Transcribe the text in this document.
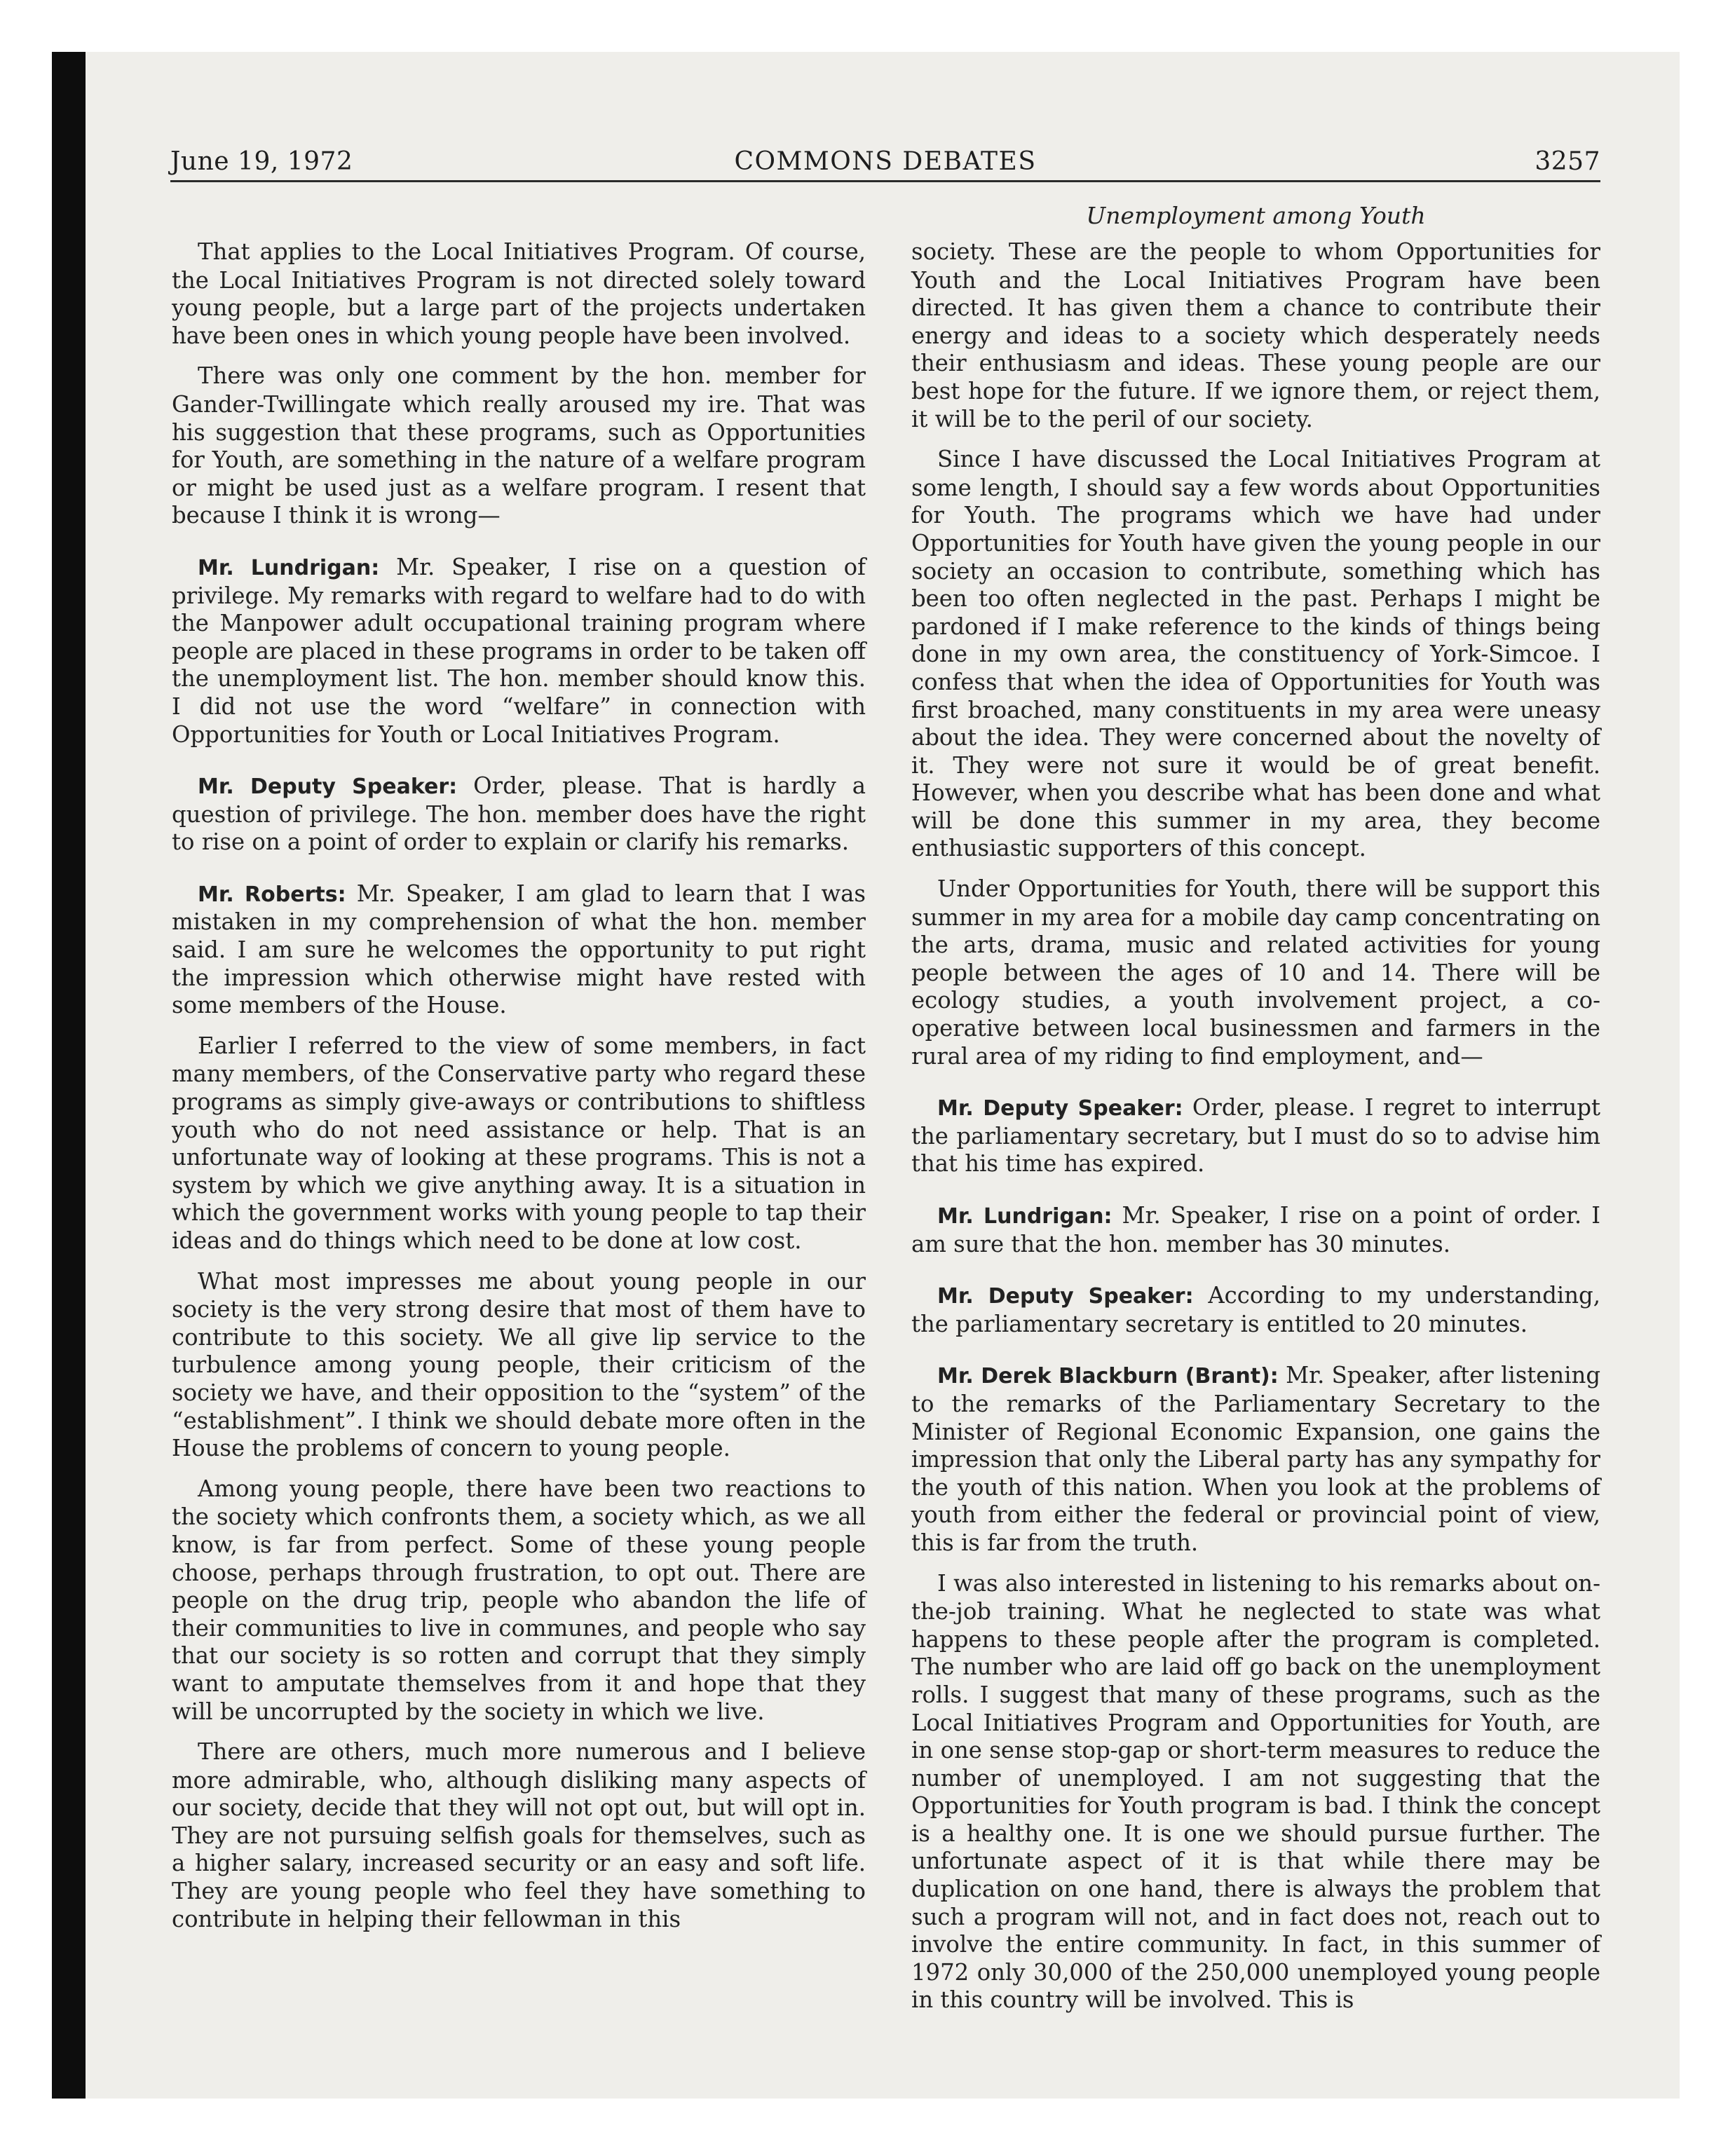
June 19, 1972	COMMONS DEBATES	3257
Unemployment among Youth

That applies to the Local Initiatives Program. Of course, the Local Initiatives Program is not directed solely toward young people, but a large part of the projects undertaken have been ones in which young people have been involved.

There was only one comment by the hon. member for Gander-Twillingate which really aroused my ire. That was his suggestion that these programs, such as Opportunities for Youth, are something in the nature of a welfare program or might be used just as a welfare program. I resent that because I think it is wrong—

Mr. Lundrigan: Mr. Speaker, I rise on a question of privilege. My remarks with regard to welfare had to do with the Manpower adult occupational training program where people are placed in these programs in order to be taken off the unemployment list. The hon. member should know this. I did not use the word “welfare” in connection with Opportunities for Youth or Local Initiatives Program.

Mr. Deputy Speaker: Order, please. That is hardly a question of privilege. The hon. member does have the right to rise on a point of order to explain or clarify his remarks.

Mr. Roberts: Mr. Speaker, I am glad to learn that I was mistaken in my comprehension of what the hon. member said. I am sure he welcomes the opportunity to put right the impression which otherwise might have rested with some members of the House.

Earlier I referred to the view of some members, in fact many members, of the Conservative party who regard these programs as simply give-aways or contributions to shiftless youth who do not need assistance or help. That is an unfortunate way of looking at these programs. This is not a system by which we give anything away. It is a situation in which the government works with young people to tap their ideas and do things which need to be done at low cost.

What most impresses me about young people in our society is the very strong desire that most of them have to contribute to this society. We all give lip service to the turbulence among young people, their criticism of the society we have, and their opposition to the “system” of the “establishment”. I think we should debate more often in the House the problems of concern to young people.

Among young people, there have been two reactions to the society which confronts them, a society which, as we all know, is far from perfect. Some of these young people choose, perhaps through frustration, to opt out. There are people on the drug trip, people who abandon the life of their communities to live in communes, and people who say that our society is so rotten and corrupt that they simply want to amputate themselves from it and hope that they will be uncorrupted by the society in which we live.

There are others, much more numerous and I believe more admirable, who, although disliking many aspects of our society, decide that they will not opt out, but will opt in. They are not pursuing selfish goals for themselves, such as a higher salary, increased security or an easy and soft life. They are young people who feel they have something to contribute in helping their fellowman in this

society. These are the people to whom Opportunities for Youth and the Local Initiatives Program have been directed. It has given them a chance to contribute their energy and ideas to a society which desperately needs their enthusiasm and ideas. These young people are our best hope for the future. If we ignore them, or reject them, it will be to the peril of our society.

Since I have discussed the Local Initiatives Program at some length, I should say a few words about Opportunities for Youth. The programs which we have had under Opportunities for Youth have given the young people in our society an occasion to contribute, something which has been too often neglected in the past. Perhaps I might be pardoned if I make reference to the kinds of things being done in my own area, the constituency of York-Simcoe. I confess that when the idea of Opportunities for Youth was first broached, many constituents in my area were uneasy about the idea. They were concerned about the novelty of it. They were not sure it would be of great benefit. However, when you describe what has been done and what will be done this summer in my area, they become enthusiastic supporters of this concept.

Under Opportunities for Youth, there will be support this summer in my area for a mobile day camp concentrating on the arts, drama, music and related activities for young people between the ages of 10 and 14. There will be ecology studies, a youth involvement project, a co-operative between local businessmen and farmers in the rural area of my riding to find employment, and—

Mr. Deputy Speaker: Order, please. I regret to interrupt the parliamentary secretary, but I must do so to advise him that his time has expired.

Mr. Lundrigan: Mr. Speaker, I rise on a point of order. I am sure that the hon. member has 30 minutes.

Mr. Deputy Speaker: According to my understanding, the parliamentary secretary is entitled to 20 minutes.

Mr. Derek Blackburn (Brant): Mr. Speaker, after listening to the remarks of the Parliamentary Secretary to the Minister of Regional Economic Expansion, one gains the impression that only the Liberal party has any sympathy for the youth of this nation. When you look at the problems of youth from either the federal or provincial point of view, this is far from the truth.

I was also interested in listening to his remarks about on-the-job training. What he neglected to state was what happens to these people after the program is completed. The number who are laid off go back on the unemployment rolls. I suggest that many of these programs, such as the Local Initiatives Program and Opportunities for Youth, are in one sense stop-gap or short-term measures to reduce the number of unemployed. I am not suggesting that the Opportunities for Youth program is bad. I think the concept is a healthy one. It is one we should pursue further. The unfortunate aspect of it is that while there may be duplication on one hand, there is always the problem that such a program will not, and in fact does not, reach out to involve the entire community. In fact, in this summer of 1972 only 30,000 of the 250,000 unemployed young people in this country will be involved. This is
